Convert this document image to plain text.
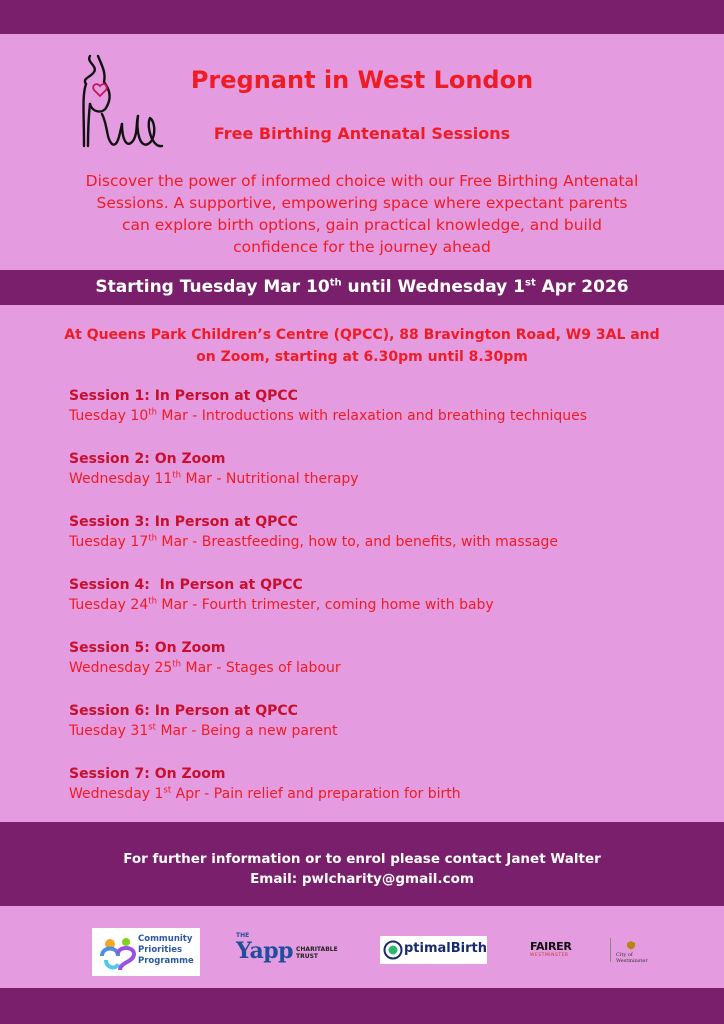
Pregnant in West London
Free Birthing Antenatal Sessions

Discover the power of informed choice with our Free Birthing Antenatal
Sessions. A supportive, empowering space where expectant parents
can explore birth options, gain practical knowledge, and build
confidence for the journey ahead

Starting Tuesday Mar 10th until Wednesday 1st Apr 2026

At Queens Park Children’s Centre (QPCC), 88 Bravington Road, W9 3AL and
on Zoom, starting at 6.30pm until 8.30pm

Session 1: In Person at QPCC
Tuesday 10th Mar - Introductions with relaxation and breathing techniques
Session 2: On Zoom
Wednesday 11th Mar - Nutritional therapy
Session 3: In Person at QPCC
Tuesday 17th Mar - Breastfeeding, how to, and benefits, with massage
Session 4:  In Person at QPCC
Tuesday 24th Mar - Fourth trimester, coming home with baby
Session 5: On Zoom
Wednesday 25th Mar - Stages of labour
Session 6: In Person at QPCC
Tuesday 31st Mar - Being a new parent
Session 7: On Zoom
Wednesday 1st Apr - Pain relief and preparation for birth
For further information or to enrol please contact Janet Walter
Email: pwlcharity@gmail.com
Community
Priorities
Programme
THE
Yapp CHARITABLE
TRUST
ptimalBirth	FAIRER
WESTMINSTER	City of Westminster
